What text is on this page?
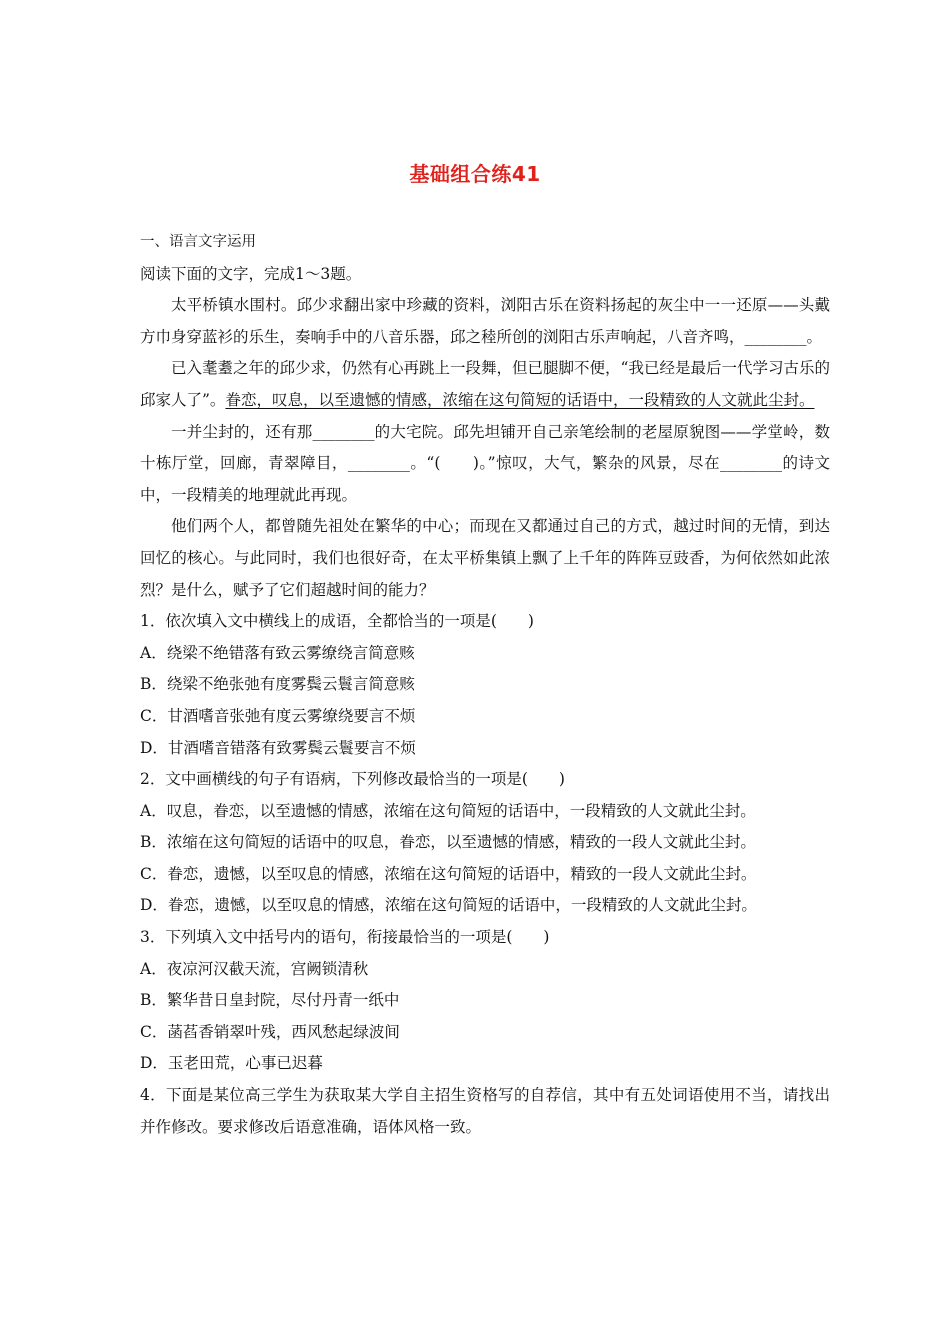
基础组合练41
一、语言文字运用
阅读下面的文字，完成1～3题。
太平桥镇水围村。邱少求翻出家中珍藏的资料，浏阳古乐在资料扬起的灰尘中一一还原——头戴方巾身穿蓝衫的乐生，奏响手中的八音乐器，邱之稑所创的浏阳古乐声响起，八音齐鸣，________。
已入耄耋之年的邱少求，仍然有心再跳上一段舞，但已腿脚不便，“我已经是最后一代学习古乐的邱家人了”。眷恋，叹息，以至遗憾的情感，浓缩在这句简短的话语中，一段精致的人文就此尘封。
一并尘封的，还有那________的大宅院。邱先坦铺开自己亲笔绘制的老屋原貌图——学堂岭，数十栋厅堂，回廊，青翠障目，________。“(　　)。”惊叹，大气，繁杂的风景，尽在________的诗文中，一段精美的地理就此再现。
他们两个人，都曾随先祖处在繁华的中心；而现在又都通过自己的方式，越过时间的无情，到达回忆的核心。与此同时，我们也很好奇，在太平桥集镇上飘了上千年的阵阵豆豉香，为何依然如此浓烈？是什么，赋予了它们超越时间的能力？
1．依次填入文中横线上的成语，全都恰当的一项是(　　)
A．绕梁不绝错落有致云雾缭绕言简意赅
B．绕梁不绝张弛有度雾鬓云鬟言简意赅
C．甘酒嗜音张弛有度云雾缭绕要言不烦
D．甘酒嗜音错落有致雾鬓云鬟要言不烦
2．文中画横线的句子有语病，下列修改最恰当的一项是(　　)
A．叹息，眷恋，以至遗憾的情感，浓缩在这句简短的话语中，一段精致的人文就此尘封。
B．浓缩在这句简短的话语中的叹息，眷恋，以至遗憾的情感，精致的一段人文就此尘封。
C．眷恋，遗憾，以至叹息的情感，浓缩在这句简短的话语中，精致的一段人文就此尘封。
D．眷恋，遗憾，以至叹息的情感，浓缩在这句简短的话语中，一段精致的人文就此尘封。
3．下列填入文中括号内的语句，衔接最恰当的一项是(　　)
A．夜凉河汉截天流，宫阙锁清秋
B．繁华昔日皇封院，尽付丹青一纸中
C．菡萏香销翠叶残，西风愁起绿波间
D．玉老田荒，心事已迟暮
4．下面是某位高三学生为获取某大学自主招生资格写的自荐信，其中有五处词语使用不当，请找出并作修改。要求修改后语意准确，语体风格一致。
